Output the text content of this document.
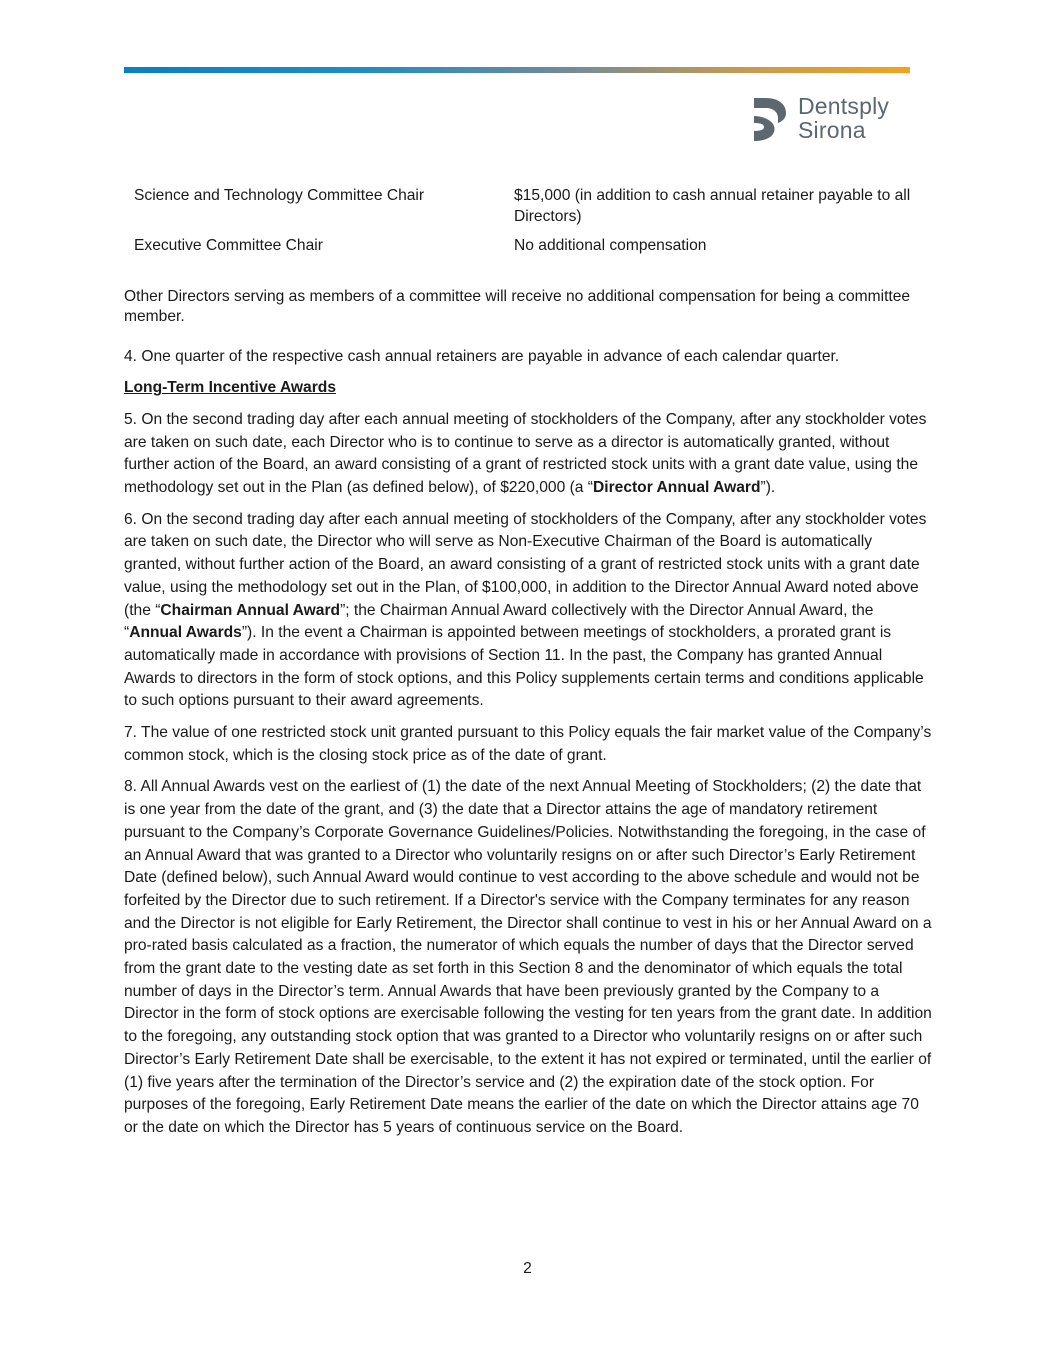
Dentsply
Sirona
Science and Technology Committee Chair	$15,000 (in addition to cash annual retainer payable to all Directors)
Executive Committee Chair	No additional compensation

Other Directors serving as members of a committee will receive no additional compensation for being a committee member.

4. One quarter of the respective cash annual retainers are payable in advance of each calendar quarter.

Long-Term Incentive Awards

5. On the second trading day after each annual meeting of stockholders of the Company, after any stockholder votes are taken on such date, each Director who is to continue to serve as a director is automatically granted, without further action of the Board, an award consisting of a grant of restricted stock units with a grant date value, using the methodology set out in the Plan (as defined below), of $220,000 (a “Director Annual Award”).

6. On the second trading day after each annual meeting of stockholders of the Company, after any stockholder votes are taken on such date, the Director who will serve as Non-Executive Chairman of the Board is automatically granted, without further action of the Board, an award consisting of a grant of restricted stock units with a grant date value, using the methodology set out in the Plan, of $100,000, in addition to the Director Annual Award noted above (the “Chairman Annual Award”; the Chairman Annual Award collectively with the Director Annual Award, the “Annual Awards”). In the event a Chairman is appointed between meetings of stockholders, a prorated grant is automatically made in accordance with provisions of Section 11. In the past, the Company has granted Annual Awards to directors in the form of stock options, and this Policy supplements certain terms and conditions applicable to such options pursuant to their award agreements.

7. The value of one restricted stock unit granted pursuant to this Policy equals the fair market value of the Company’s common stock, which is the closing stock price as of the date of grant.

8. All Annual Awards vest on the earliest of (1) the date of the next Annual Meeting of Stockholders; (2) the date that is one year from the date of the grant, and (3) the date that a Director attains the age of mandatory retirement pursuant to the Company’s Corporate Governance Guidelines/Policies. Notwithstanding the foregoing, in the case of an Annual Award that was granted to a Director who voluntarily resigns on or after such Director’s Early Retirement Date (defined below), such Annual Award would continue to vest according to the above schedule and would not be forfeited by the Director due to such retirement. If a Director's service with the Company terminates for any reason and the Director is not eligible for Early Retirement, the Director shall continue to vest in his or her Annual Award on a pro-rated basis calculated as a fraction, the numerator of which equals the number of days that the Director served from the grant date to the vesting date as set forth in this Section 8 and the denominator of which equals the total number of days in the Director’s term. Annual Awards that have been previously granted by the Company to a Director in the form of stock options are exercisable following the vesting for ten years from the grant date. In addition to the foregoing, any outstanding stock option that was granted to a Director who voluntarily resigns on or after such Director’s Early Retirement Date shall be exercisable, to the extent it has not expired or terminated, until the earlier of (1) five years after the termination of the Director’s service and (2) the expiration date of the stock option. For purposes of the foregoing, Early Retirement Date means the earlier of the date on which the Director attains age 70 or the date on which the Director has 5 years of continuous service on the Board.

2
